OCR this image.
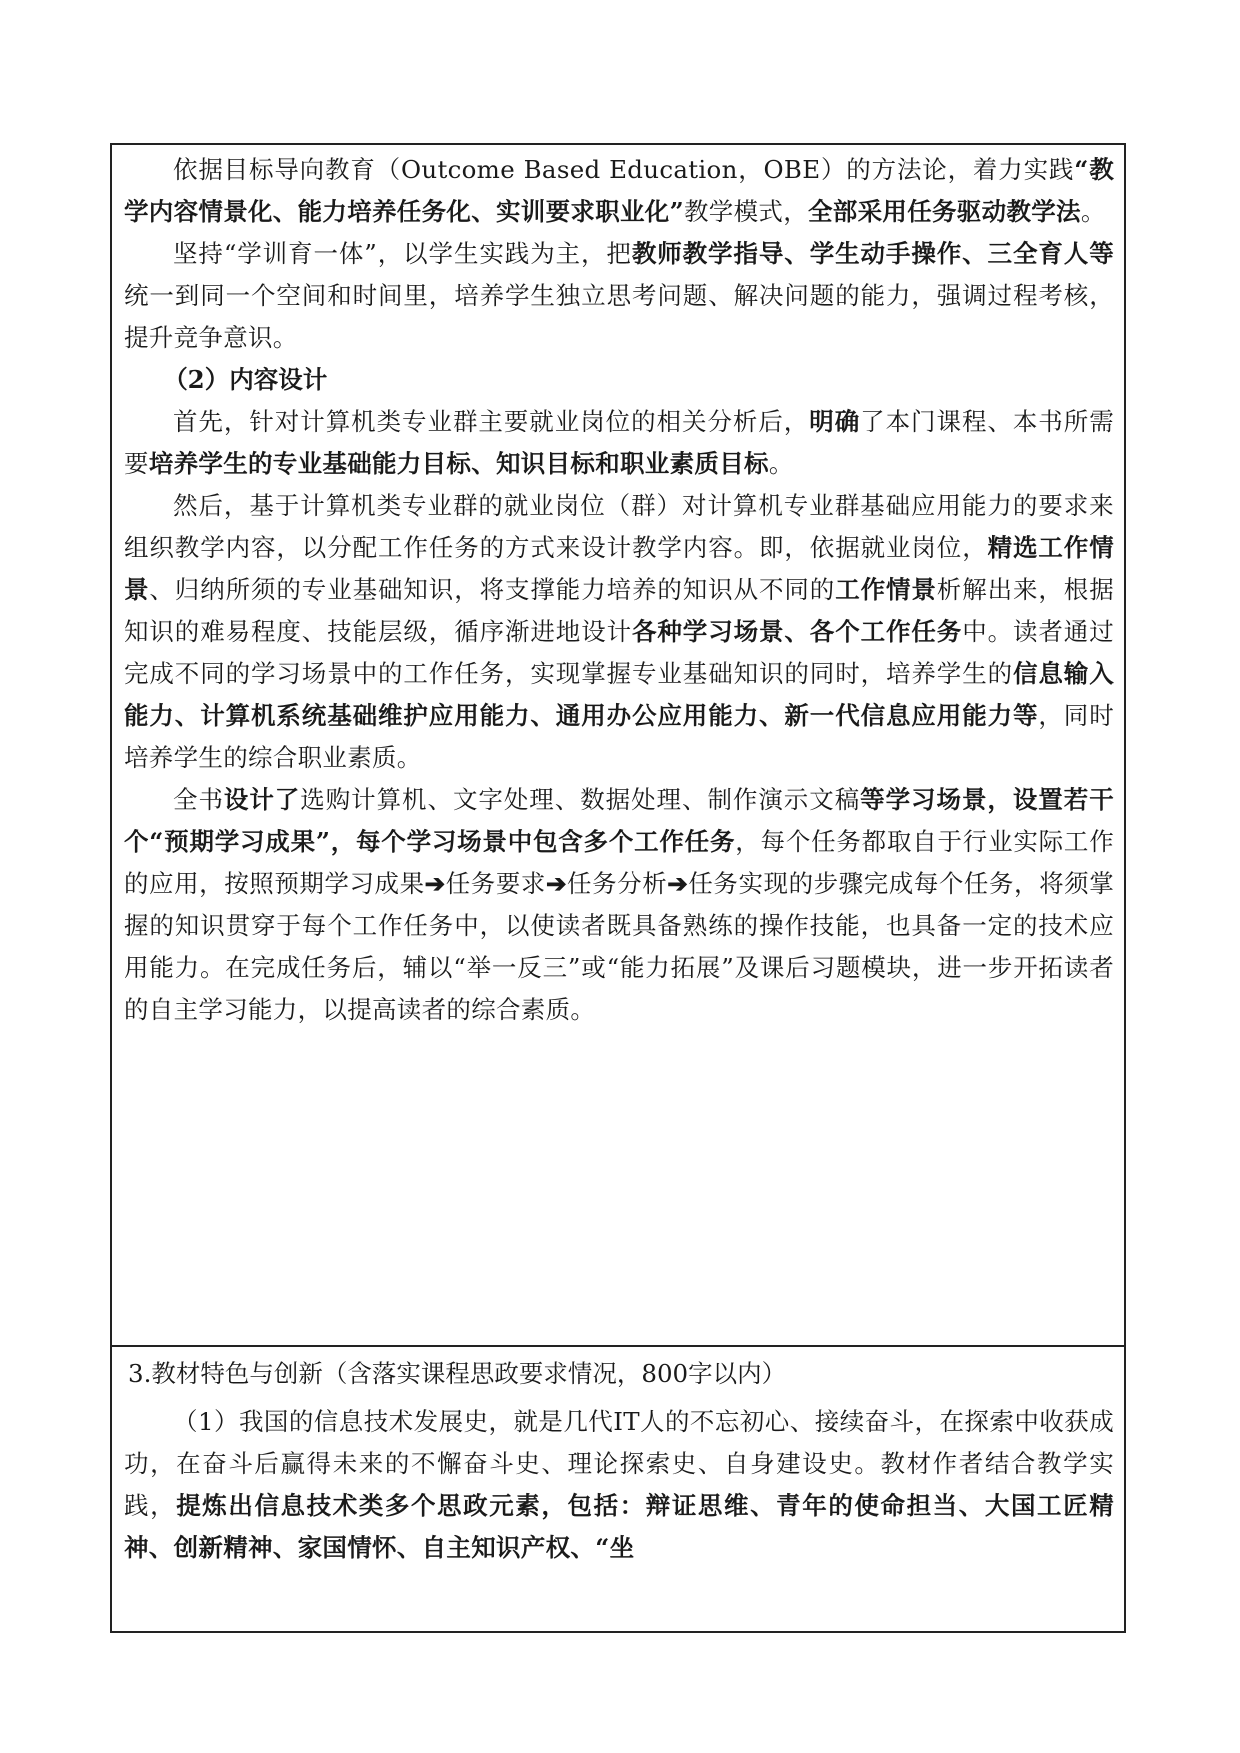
依据目标导向教育（Outcome Based Education，OBE）的方法论，着力实践“教学内容情景化、能力培养任务化、实训要求职业化”教学模式，全部采用任务驱动教学法。

坚持“学训育一体”，以学生实践为主，把教师教学指导、学生动手操作、三全育人等统一到同一个空间和时间里，培养学生独立思考问题、解决问题的能力，强调过程考核，提升竞争意识。

（2）内容设计

首先，针对计算机类专业群主要就业岗位的相关分析后，明确了本门课程、本书所需要培养学生的专业基础能力目标、知识目标和职业素质目标。

然后，基于计算机类专业群的就业岗位（群）对计算机专业群基础应用能力的要求来组织教学内容，以分配工作任务的方式来设计教学内容。即，依据就业岗位，精选工作情景、归纳所须的专业基础知识，将支撑能力培养的知识从不同的工作情景析解出来，根据知识的难易程度、技能层级，循序渐进地设计各种学习场景、各个工作任务中。读者通过完成不同的学习场景中的工作任务，实现掌握专业基础知识的同时，培养学生的信息输入能力、计算机系统基础维护应用能力、通用办公应用能力、新一代信息应用能力等，同时培养学生的综合职业素质。

全书设计了选购计算机、文字处理、数据处理、制作演示文稿等学习场景，设置若干个“预期学习成果”，每个学习场景中包含多个工作任务，每个任务都取自于行业实际工作的应用，按照预期学习成果➔任务要求➔任务分析➔任务实现的步骤完成每个任务，将须掌握的知识贯穿于每个工作任务中，以使读者既具备熟练的操作技能，也具备一定的技术应用能力。在完成任务后，辅以“举一反三”或“能力拓展”及课后习题模块，进一步开拓读者的自主学习能力，以提高读者的综合素质。

3.教材特色与创新（含落实课程思政要求情况，800字以内）

（1）我国的信息技术发展史，就是几代IT人的不忘初心、接续奋斗，在探索中收获成功，在奋斗后赢得未来的不懈奋斗史、理论探索史、自身建设史。教材作者结合教学实践，提炼出信息技术类多个思政元素，包括：辩证思维、青年的使命担当、大国工匠精神、创新精神、家国情怀、自主知识产权、“坐
